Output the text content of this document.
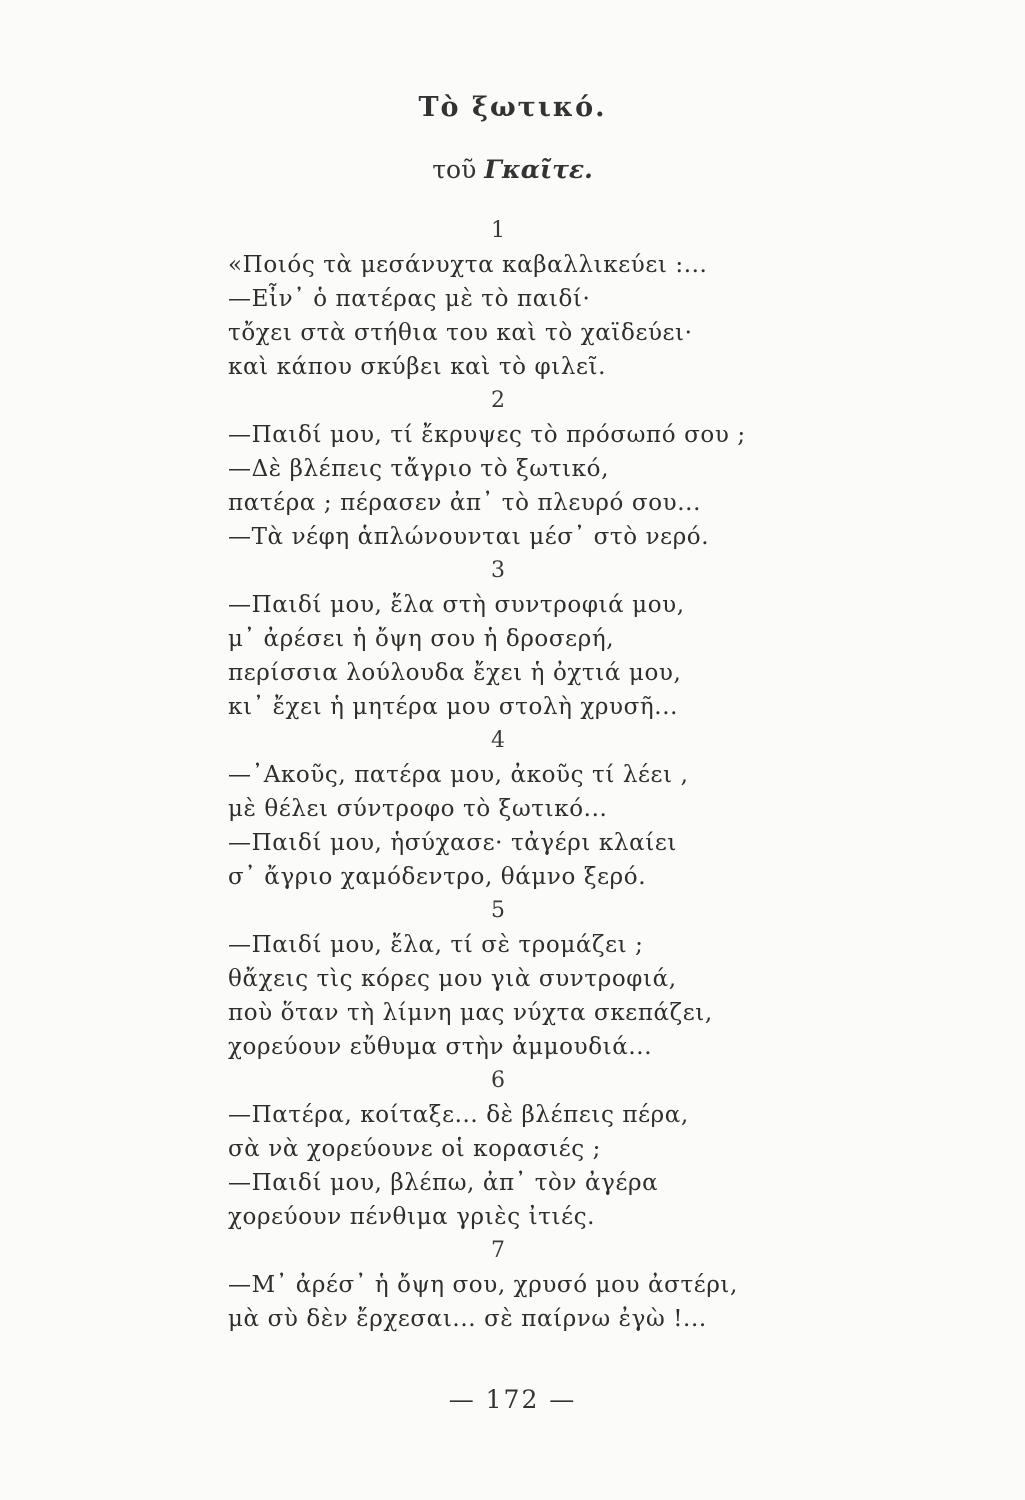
Τὸ ξωτικό.
τοῦ Γκαῖτε.
1
«Ποιός τὰ μεσάνυχτα καβαλλικεύει :...
—Εἶν᾿ ὁ πατέρας μὲ τὸ παιδί·
τὄχει στὰ στήθια του καὶ τὸ χαϊδεύει·
καὶ κάπου σκύβει καὶ τὸ φιλεῖ.
2
—Παιδί μου, τί ἔκρυψες τὸ πρόσωπό σου ;
—Δὲ βλέπεις τἄγριο τὸ ξωτικό,
πατέρα ; πέρασεν ἀπ᾿ τὸ πλευρό σου...
—Τὰ νέφη ἁπλώνουνται μέσ᾿ στὸ νερό.
3
—Παιδί μου, ἔλα στὴ συντροφιά μου,
μ᾿ ἀρέσει ἡ ὄψη σου ἡ δροσερή,
περίσσια λούλουδα ἔχει ἡ ὀχτιά μου,
κι᾿ ἔχει ἡ μητέρα μου στολὴ χρυσῆ...
4
—᾿Ακοῦς, πατέρα μου, ἀκοῦς τί λέει ,
μὲ θέλει σύντροφο τὸ ξωτικό...
—Παιδί μου, ἡσύχασε· τἀγέρι κλαίει
σ᾿ ἄγριο χαμόδεντρο, θάμνο ξερό.
5
—Παιδί μου, ἔλα, τί σὲ τρομάζει ;
θἄχεις τὶς κόρες μου γιὰ συντροφιά,
ποὺ ὅταν τὴ λίμνη μας νύχτα σκεπάζει,
χορεύουν εὔθυμα στὴν ἀμμουδιά...
6
—Πατέρα, κοίταξε... δὲ βλέπεις πέρα,
σὰ νὰ χορεύουνε οἱ κορασιές ;
—Παιδί μου, βλέπω, ἀπ᾿ τὸν ἀγέρα
χορεύουν πένθιμα γριὲς ἰτιές.
7
—Μ᾿ ἀρέσ᾿ ἡ ὄψη σου, χρυσό μου ἀστέρι,
μὰ σὺ δὲν ἔρχεσαι... σὲ παίρνω ἐγὼ !...
— 172 —
